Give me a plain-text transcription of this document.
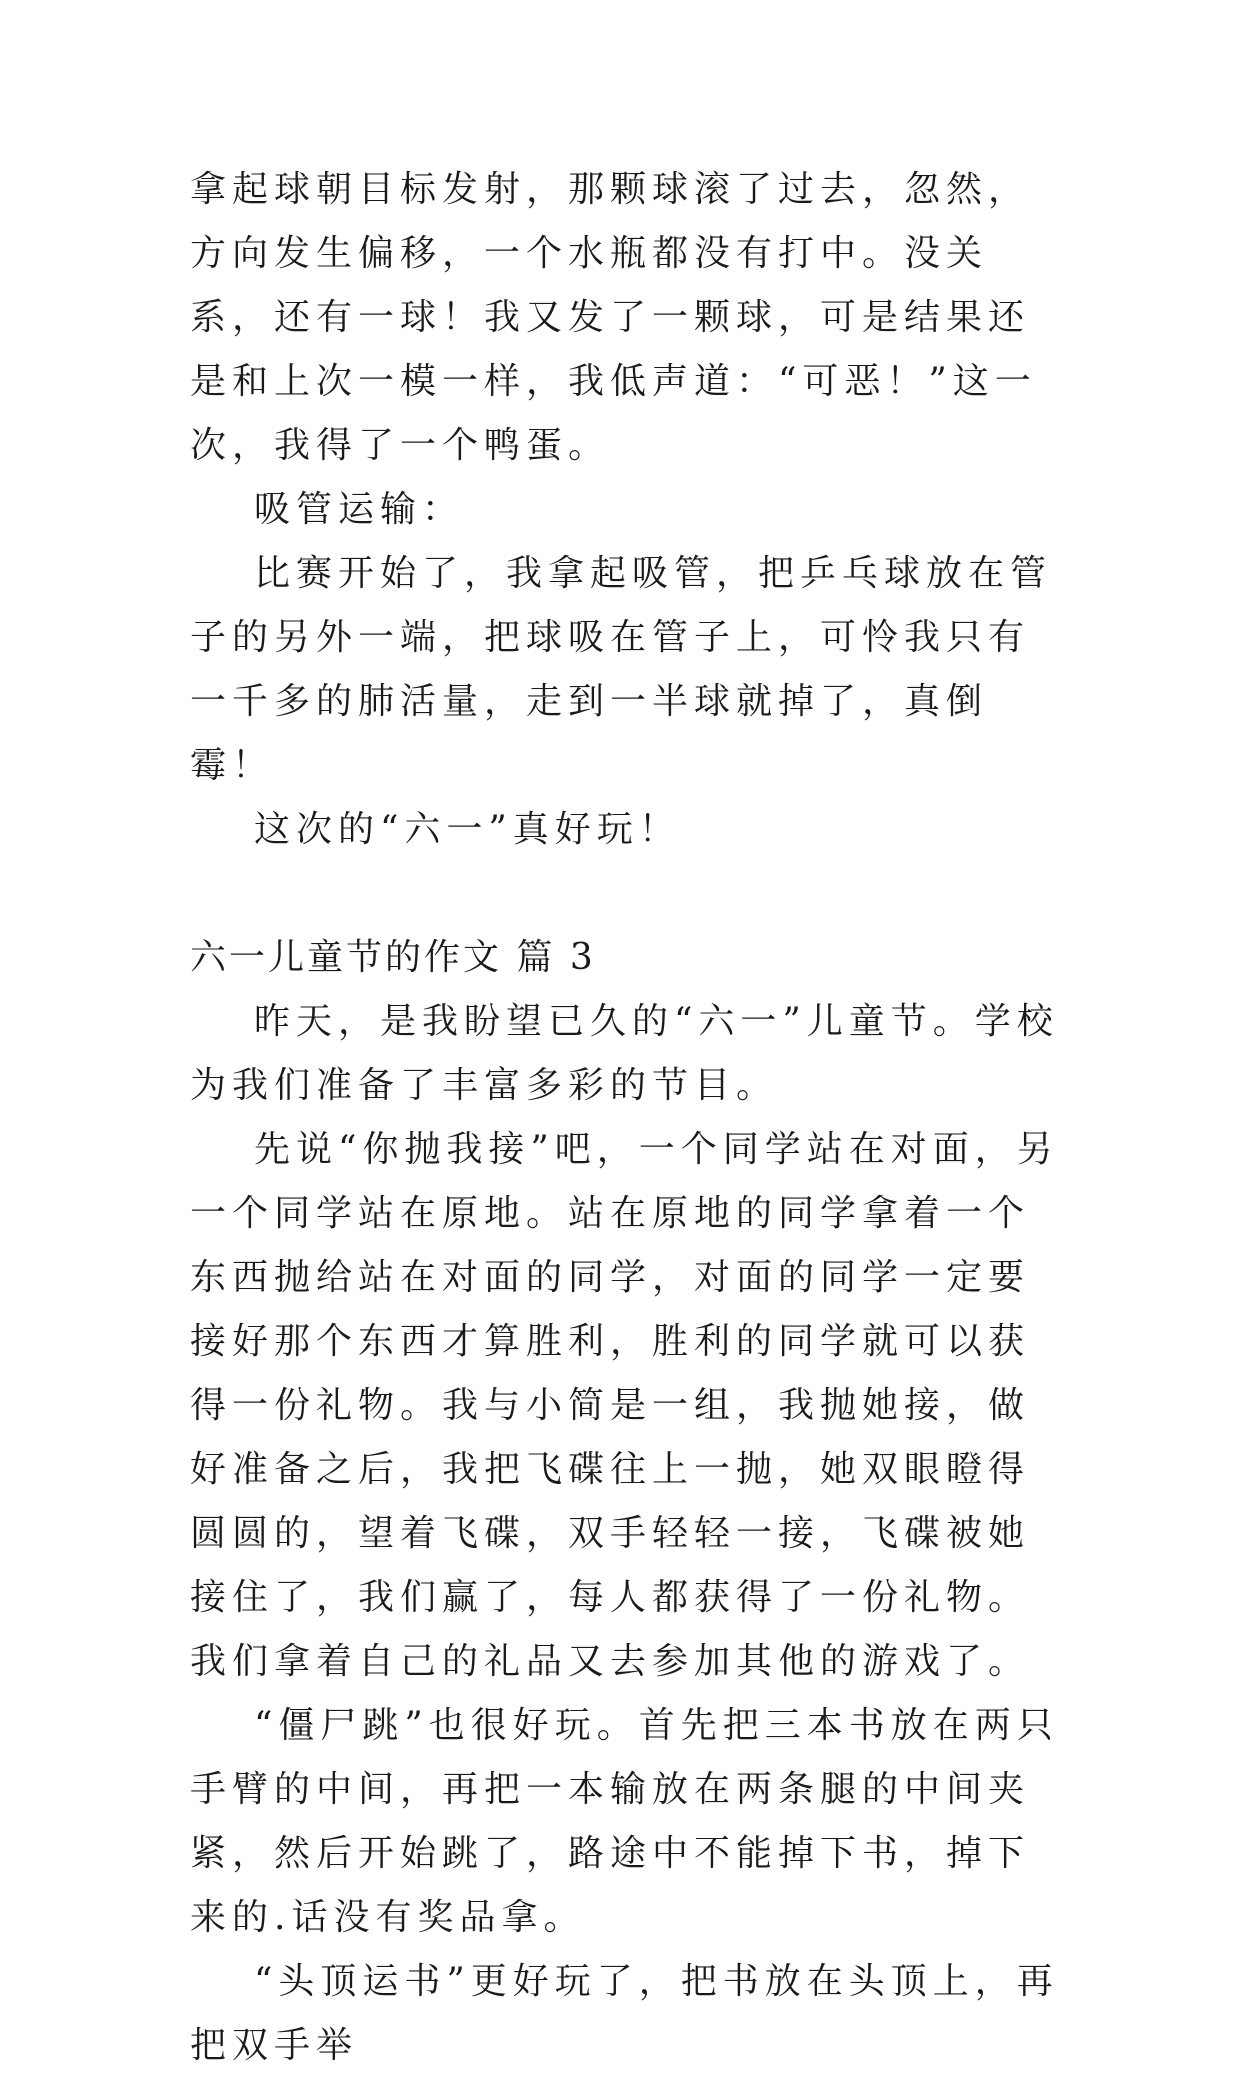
拿起球朝目标发射，那颗球滚了过去，忽然，方向发生偏移，一个水瓶都没有打中。没关系，还有一球！我又发了一颗球，可是结果还是和上次一模一样，我低声道：“可恶！”这一次，我得了一个鸭蛋。

吸管运输：

比赛开始了，我拿起吸管，把乒乓球放在管子的另外一端，把球吸在管子上，可怜我只有一千多的肺活量，走到一半球就掉了，真倒霉！

这次的“六一”真好玩！

六一儿童节的作文 篇 3

昨天，是我盼望已久的“六一”儿童节。学校为我们准备了丰富多彩的节目。

先说“你抛我接”吧，一个同学站在对面，另一个同学站在原地。站在原地的同学拿着一个东西抛给站在对面的同学，对面的同学一定要接好那个东西才算胜利，胜利的同学就可以获得一份礼物。我与小简是一组，我抛她接，做好准备之后，我把飞碟往上一抛，她双眼瞪得圆圆的，望着飞碟，双手轻轻一接，飞碟被她接住了，我们赢了，每人都获得了一份礼物。我们拿着自己的礼品又去参加其他的游戏了。

“僵尸跳”也很好玩。首先把三本书放在两只手臂的中间，再把一本输放在两条腿的中间夹紧，然后开始跳了，路途中不能掉下书，掉下来的.话没有奖品拿。

“头顶运书”更好玩了，把书放在头顶上，再把双手举
